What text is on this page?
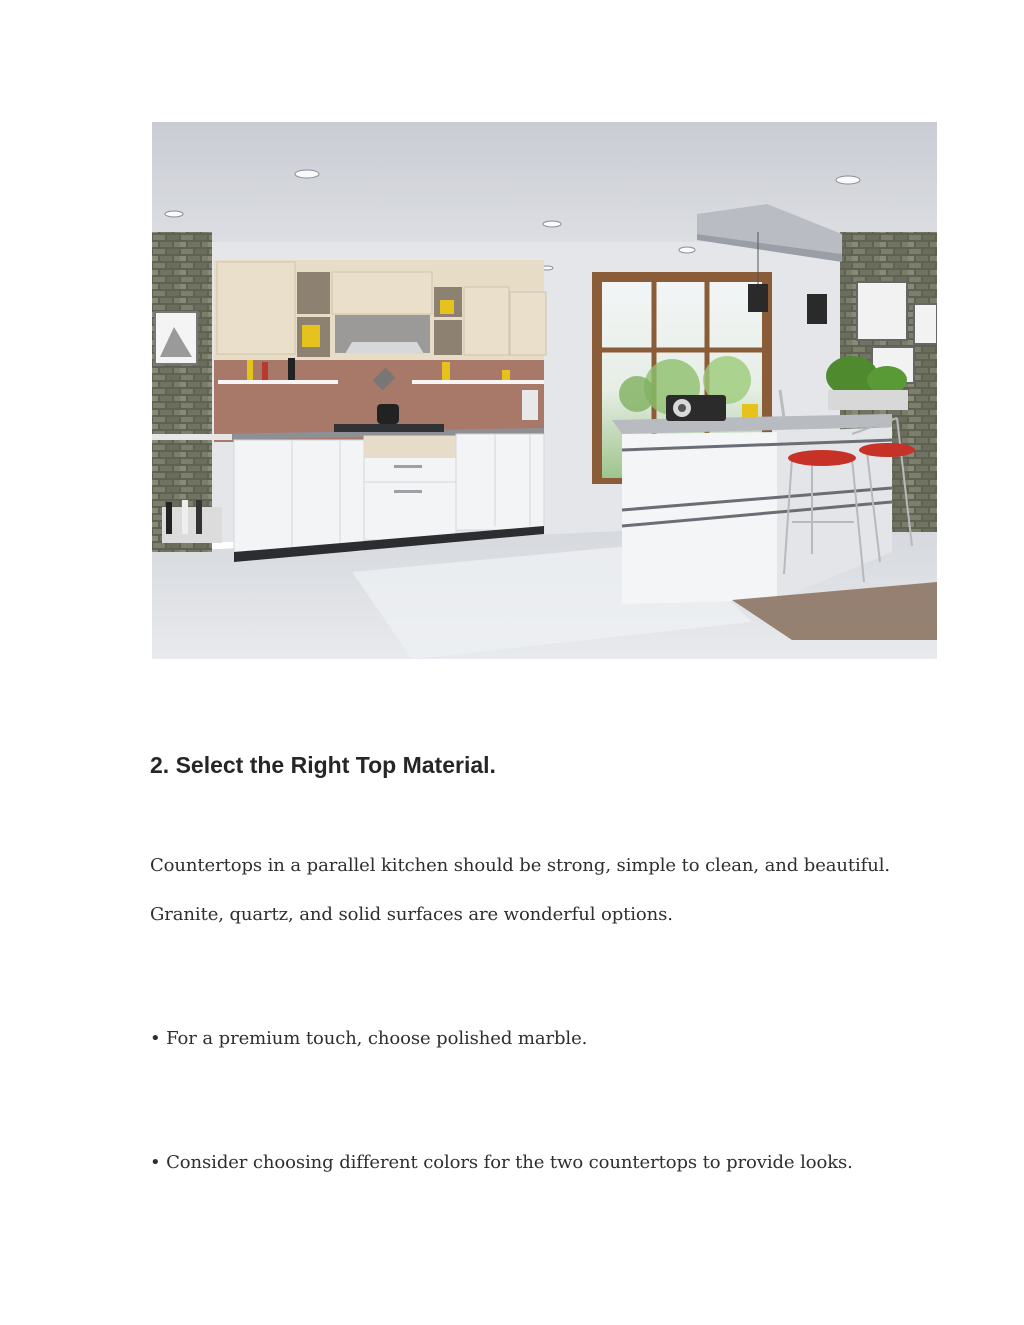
2. Select the Right Top Material.

Countertops in a parallel kitchen should be strong, simple to clean, and beautiful.

Granite, quartz, and solid surfaces are wonderful options.

• For a premium touch, choose polished marble.

• Consider choosing different colors for the two countertops to provide looks.
